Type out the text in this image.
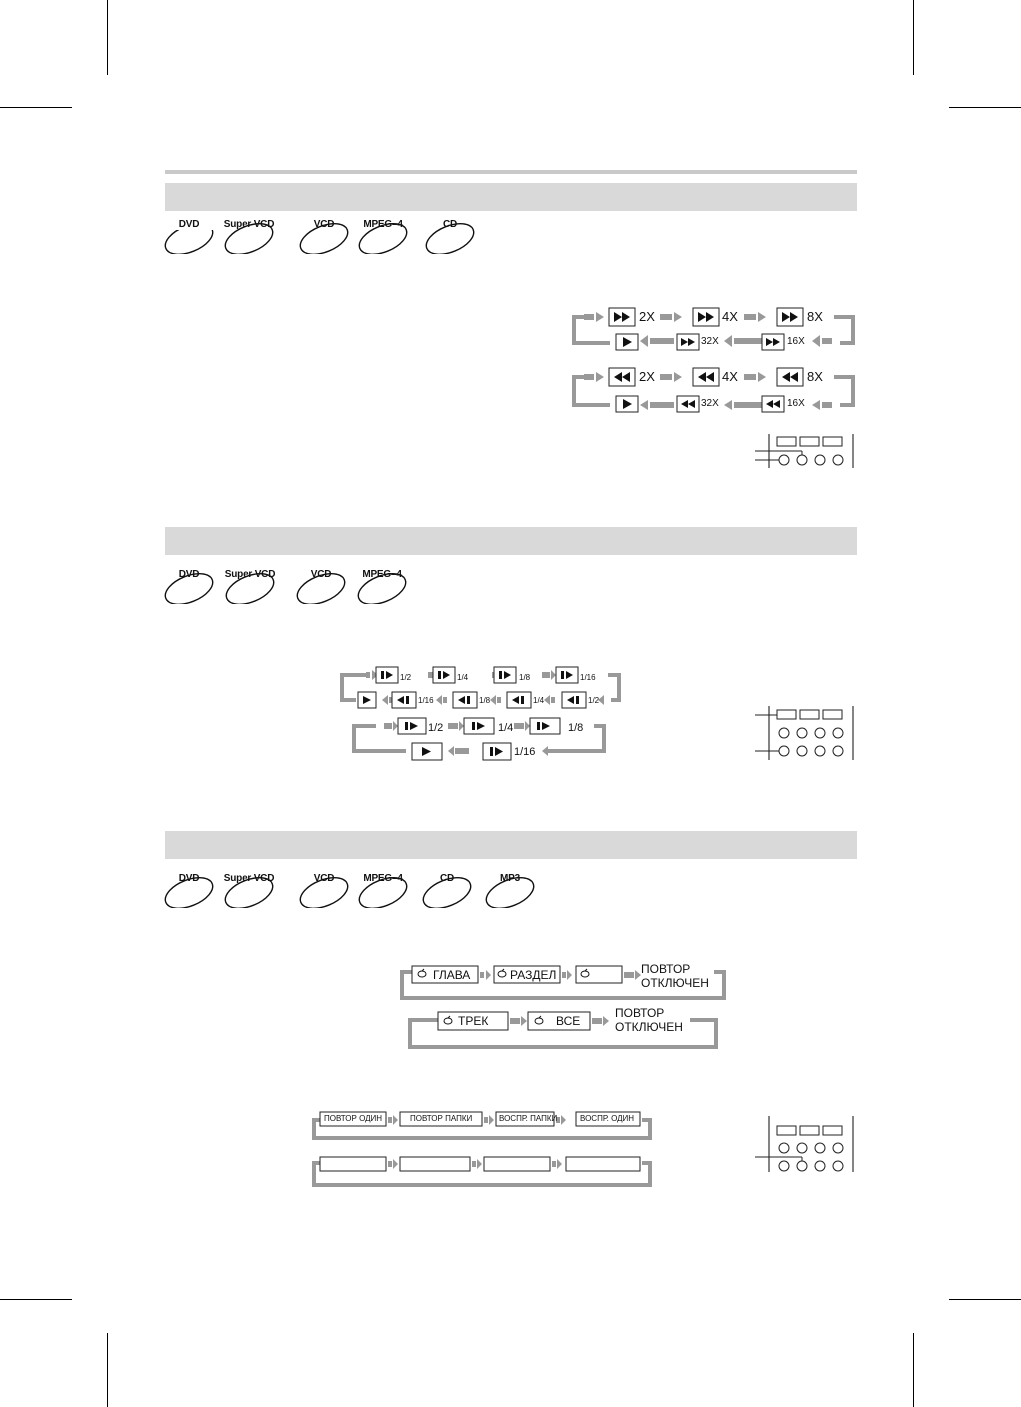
DVD	Super VCD	VCD	MPEG–4	CD
2X	4X	8X
32X	16X
2X	4X	8X
32X	16X
DVD	Super VCD	VCD	MPEG–4
1/2	1/4	1/8	1/16
1/16	1/8	1/4	1/2
1/2	1/4	1/8
1/16
DVD	Super VCD	VCD	MPEG–4	CD	MP3
ГЛАВА	РАЗДЕЛ	ПОВТОР
ОТКЛЮЧЕН
ТРЕК	ВСЕ
ПОВТОР
ОТКЛЮЧЕН
ПОВТОР ОДИН	ПОВТОР ПАПКИ	ВОСПР. ПАПКИ	ВОСПР. ОДИН
